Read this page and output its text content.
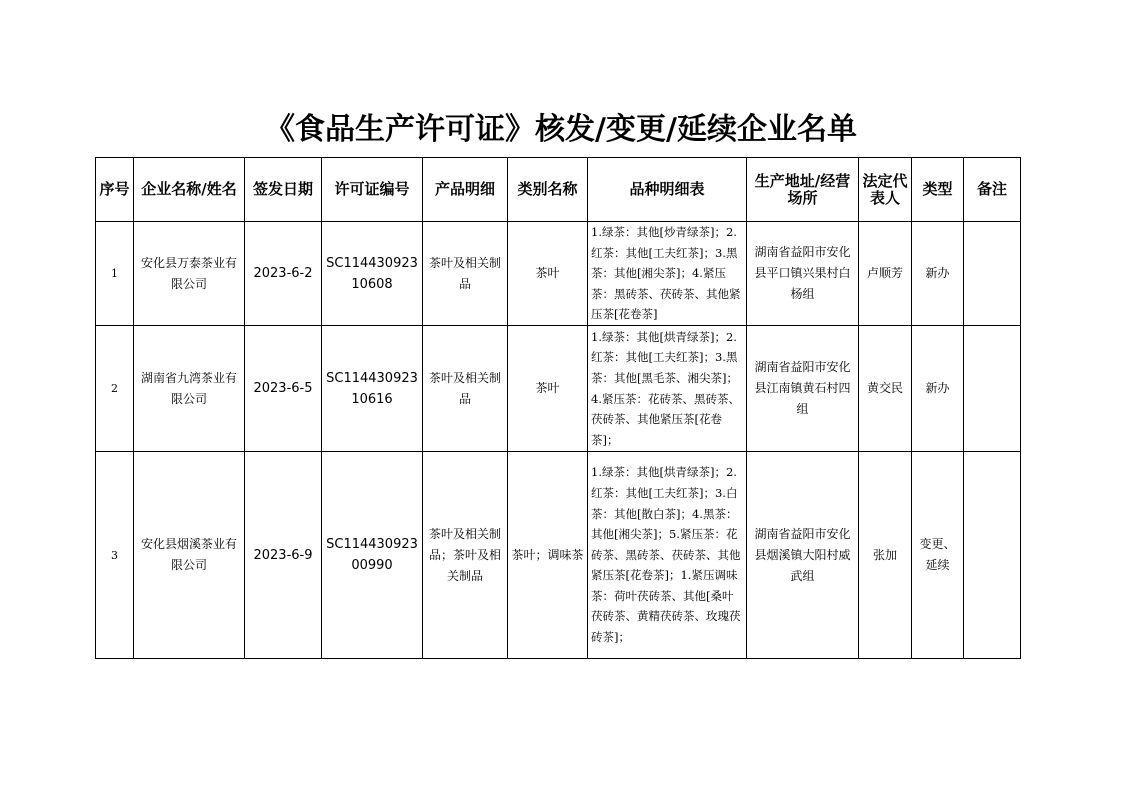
《食品生产许可证》核发/变更/延续企业名单
序号	企业名称/姓名	签发日期	许可证编号	产品明细	类别名称	品种明细表	生产地址/经营场所	法定代表人	类型	备注
1	安化县万泰茶业有限公司	2023-6-2	SC11443092310608	茶叶及相关制品	茶叶	1.绿茶：其他[炒青绿茶]；2.红茶：其他[工夫红茶]；3.黑茶：其他[湘尖茶]；4.紧压茶：黑砖茶、茯砖茶、其他紧压茶[花卷茶]	湖南省益阳市安化县平口镇兴果村白杨组	卢顺芳	新办	
2	湖南省九湾茶业有限公司	2023-6-5	SC11443092310616	茶叶及相关制品	茶叶	1.绿茶：其他[烘青绿茶]；2.红茶：其他[工夫红茶]；3.黑茶：其他[黑毛茶、湘尖茶]；4.紧压茶：花砖茶、黑砖茶、茯砖茶、其他紧压茶[花卷茶]；	湖南省益阳市安化县江南镇黄石村四组	黄交民	新办	
3	安化县烟溪茶业有限公司	2023-6-9	SC11443092300990	茶叶及相关制品；茶叶及相关制品	茶叶；调味茶	1.绿茶：其他[烘青绿茶]；2.红茶：其他[工夫红茶]；3.白茶：其他[散白茶]；4.黑茶：其他[湘尖茶]；5.紧压茶：花砖茶、黑砖茶、茯砖茶、其他紧压茶[花卷茶]；1.紧压调味茶：荷叶茯砖茶、其他[桑叶茯砖茶、黄精茯砖茶、玫瑰茯砖茶]；	湖南省益阳市安化县烟溪镇大阳村威武组	张加	变更、延续	
